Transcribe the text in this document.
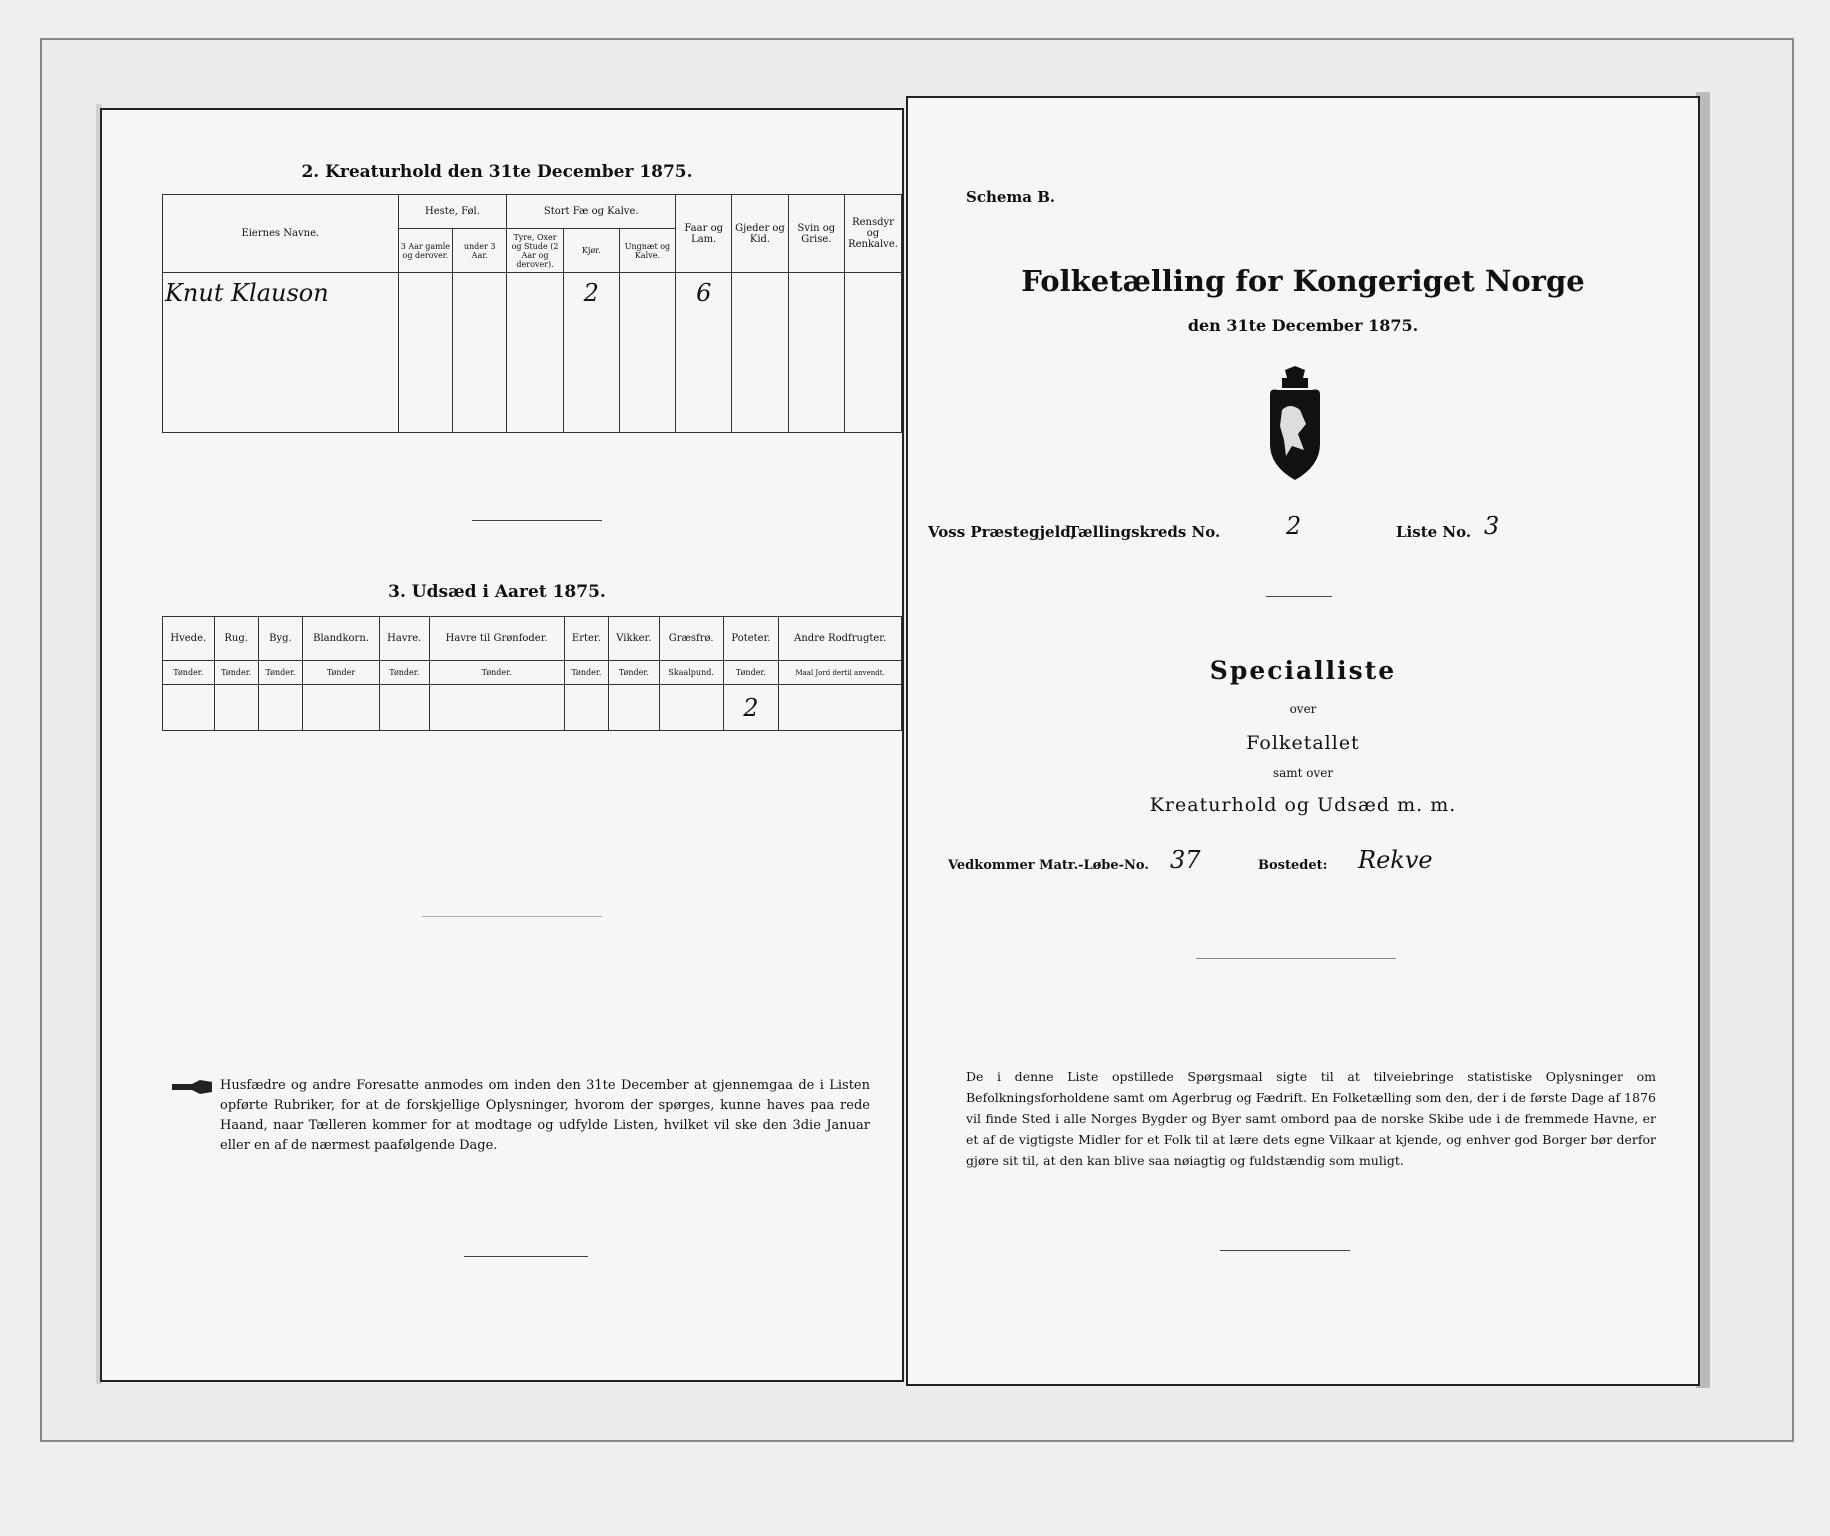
2. Kreaturhold den 31te December 1875.
Eiernes Navne.	Heste, Føl.		Stort Fæ og Kalve.			Faar og Lam.	Gjeder og Kid.	Svin og Grise.	Rensdyr og Renkalve.
	3 Aar gamle og derover.	under 3 Aar.	Tyre, Oxer og Stude (2 Aar og derover).	Kjør.	Ungnæt og Kalve.				
Knut Klauson				2		6			

3. Udsæd i Aaret 1875.
Hvede.	Rug.	Byg.	Blandkorn.	Havre.	Havre til Grønfoder.	Erter.	Vikker.	Græsfrø.	Poteter.	Andre Rodfrugter.
Tønder.	Tønder.	Tønder.	Tønder	Tønder.	Tønder.	Tønder.	Tønder.	Skaalpund.	Tønder.	Maal Jord dertil anvendt.
									2	
Husfædre og andre Foresatte anmodes om inden den 31te December at gjennemgaa de i Listen opførte Rubriker, for at de forskjellige Oplysninger, hvorom der spørges, kunne haves paa rede Haand, naar Tælleren kommer for at modtage og udfylde Listen, hvilket vil ske den 3die Januar eller en af de nærmest paafølgende Dage.
Schema B.
Folketælling for Kongeriget Norge
den 31te December 1875.
Voss Præstegjeld,
Tællingskreds No.	2	Liste No. 3
Specialliste
over
Folketallet
samt over
Kreaturhold og Udsæd m. m.
Vedkommer Matr.-Løbe-No. 37	Bostedet: Rekve
De i denne Liste opstillede Spørgsmaal sigte til at tilveiebringe statistiske Oplysninger om Befolkningsforholdene samt om Agerbrug og Fædrift. En Folketælling som den, der i de første Dage af 1876 vil finde Sted i alle Norges Bygder og Byer samt ombord paa de norske Skibe ude i de fremmede Havne, er et af de vigtigste Midler for et Folk til at lære dets egne Vilkaar at kjende, og enhver god Borger bør derfor gjøre sit til, at den kan blive saa nøiagtig og fuldstændig som muligt.
